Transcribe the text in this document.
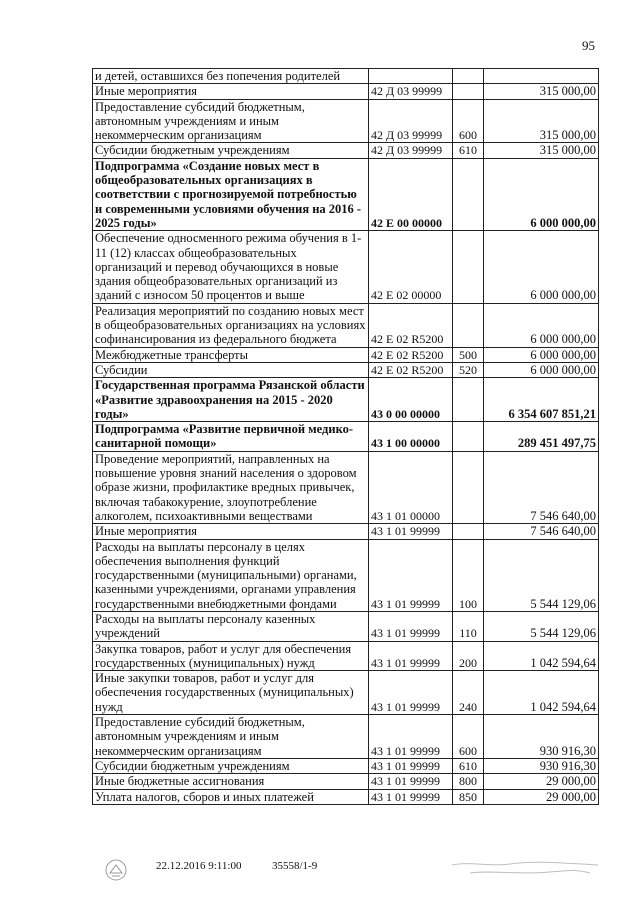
95
и детей, оставшихся без попечения родителей			
Иные мероприятия	42 Д 03 99999		315 000,00
Предоставление субсидий бюджетным, автономным учреждениям и иным некоммерческим организациям	42 Д 03 99999	600	315 000,00
Субсидии бюджетным учреждениям	42 Д 03 99999	610	315 000,00
Подпрограмма «Создание новых мест в общеобразовательных организациях в соответствии с прогнозируемой потребностью и современными условиями обучения на 2016 - 2025 годы»	42 Е 00 00000		6 000 000,00
Обеспечение односменного режима обучения в 1-11 (12) классах общеобразовательных организаций и перевод обучающихся в новые здания общеобразовательных организаций из зданий с износом 50 процентов и выше	42 Е 02 00000		6 000 000,00
Реализация мероприятий по созданию новых мест в общеобразовательных организациях на условиях софинансирования из федерального бюджета	42 Е 02 R5200		6 000 000,00
Межбюджетные трансферты	42 Е 02 R5200	500	6 000 000,00
Субсидии	42 Е 02 R5200	520	6 000 000,00
Государственная программа Рязанской области «Развитие здравоохранения на 2015 - 2020 годы»	43 0 00 00000		6 354 607 851,21
Подпрограмма «Развитие первичной медико-санитарной помощи»	43 1 00 00000		289 451 497,75
Проведение мероприятий, направленных на повышение уровня знаний населения о здоровом образе жизни, профилактике вредных привычек, включая табакокурение, злоупотребление алкоголем, психоактивными веществами	43 1 01 00000		7 546 640,00
Иные мероприятия	43 1 01 99999		7 546 640,00
Расходы на выплаты персоналу в целях обеспечения выполнения функций государственными (муниципальными) органами, казенными учреждениями, органами управления государственными внебюджетными фондами	43 1 01 99999	100	5 544 129,06
Расходы на выплаты персоналу казенных учреждений	43 1 01 99999	110	5 544 129,06
Закупка товаров, работ и услуг для обеспечения государственных (муниципальных) нужд	43 1 01 99999	200	1 042 594,64
Иные закупки товаров, работ и услуг для обеспечения государственных (муниципальных) нужд	43 1 01 99999	240	1 042 594,64
Предоставление субсидий бюджетным, автономным учреждениям и иным некоммерческим организациям	43 1 01 99999	600	930 916,30
Субсидии бюджетным учреждениям	43 1 01 99999	610	930 916,30
Иные бюджетные ассигнования	43 1 01 99999	800	29 000,00
Уплата налогов, сборов и иных платежей	43 1 01 99999	850	29 000,00
22.12.2016 9:11:00	35558/1-9
